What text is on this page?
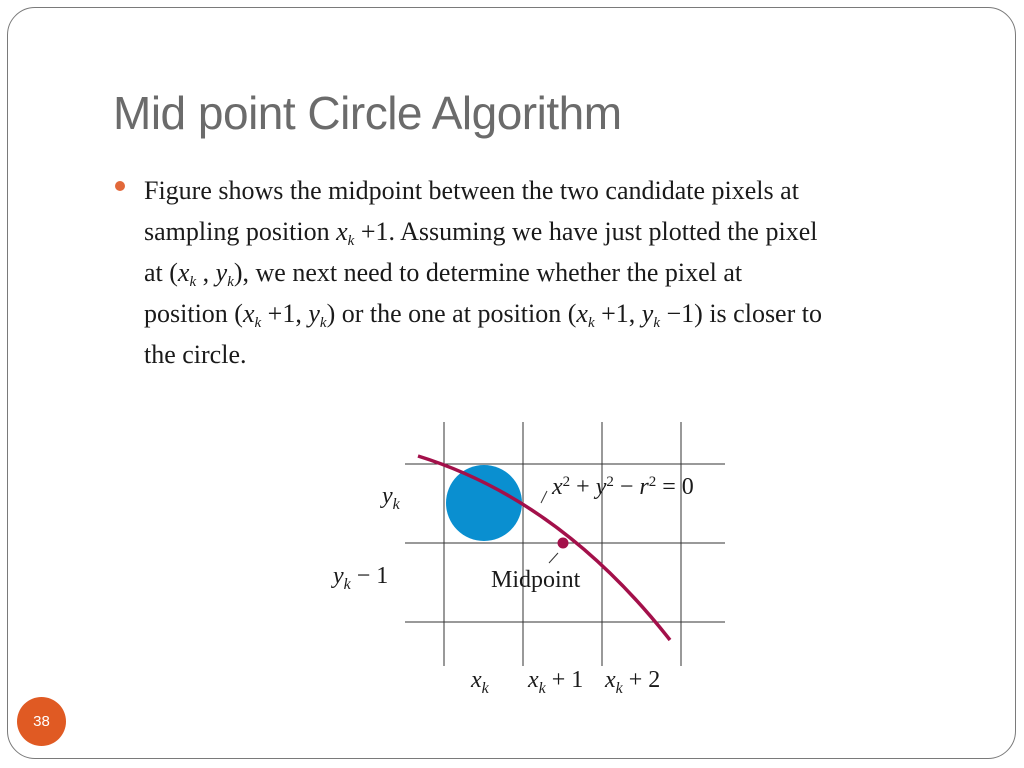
Mid point Circle Algorithm
Figure shows the midpoint between the two candidate pixels at
sampling position $x_k +1$. Assuming we have just plotted the pixel
at ($x_k$ , $y_k$), we next need to determine whether the pixel at
position ($x_k +1$, $y_k$) or the one at position ($x_k +1$, $y_k -1$) is closer to
the circle.
$x^2 + y^2 - r^2 = 0$
Midpoint
$y_k$
$y_k - 1$
$x_k$ $x_k + 1$ $x_k + 2$
38
